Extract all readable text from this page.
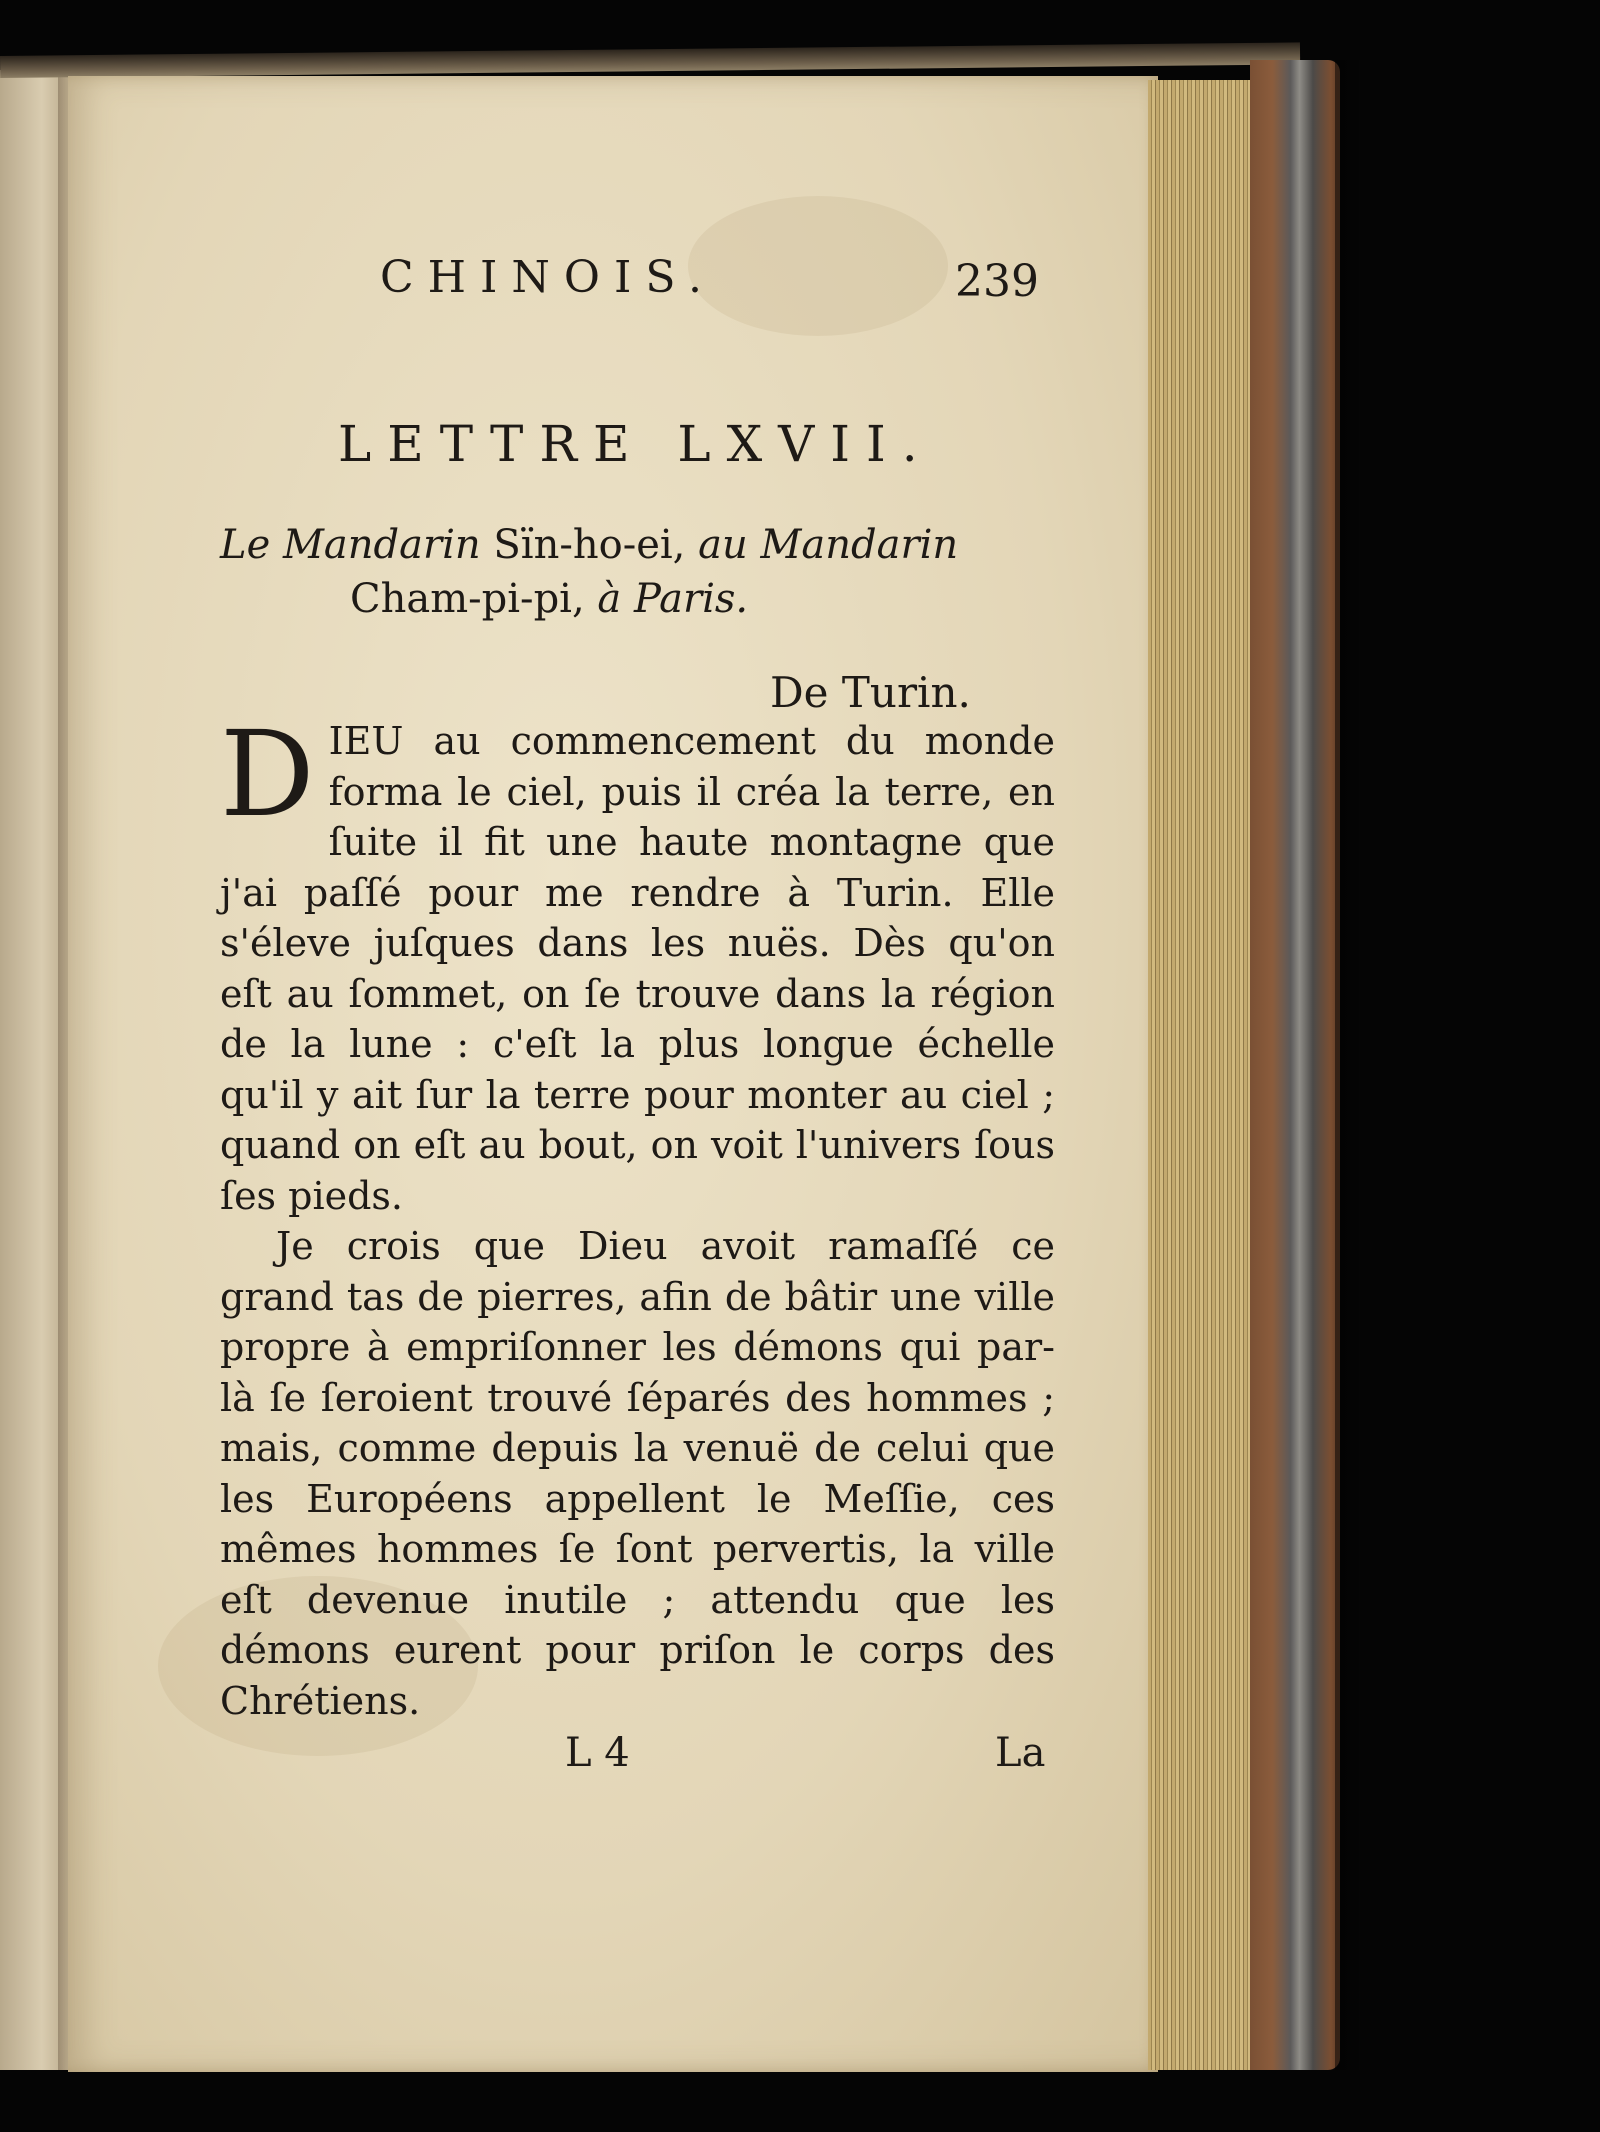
CHINOIS.	239
LETTRE LXVII.
Le Mandarin Sïn-ho-ei, au Mandarin
Cham-pi-pi, à Paris.
De Turin.

DIEU au commencement du monde forma le ciel, puis il créa la terre, en ſuite il fit une haute montagne que j'ai paſſé pour me rendre à Turin. Elle s'éleve juſques dans les nuës. Dès qu'on eſt au ſommet, on ſe trouve dans la région de la lune : c'eſt la plus longue échelle qu'il y ait ſur la terre pour monter au ciel ; quand on eſt au bout, on voit l'univers ſous ſes pieds.

Je crois que Dieu avoit ramaſſé ce grand tas de pierres, afin de bâtir une ville propre à empriſonner les démons qui par-là ſe ſeroient trouvé ſéparés des hommes ; mais, comme depuis la venuë de celui que les Européens appellent le Meſſie, ces mêmes hommes ſe ſont pervertis, la ville eſt devenue inutile ; attendu que les démons eurent pour priſon le corps des Chrétiens.

L 4	La
